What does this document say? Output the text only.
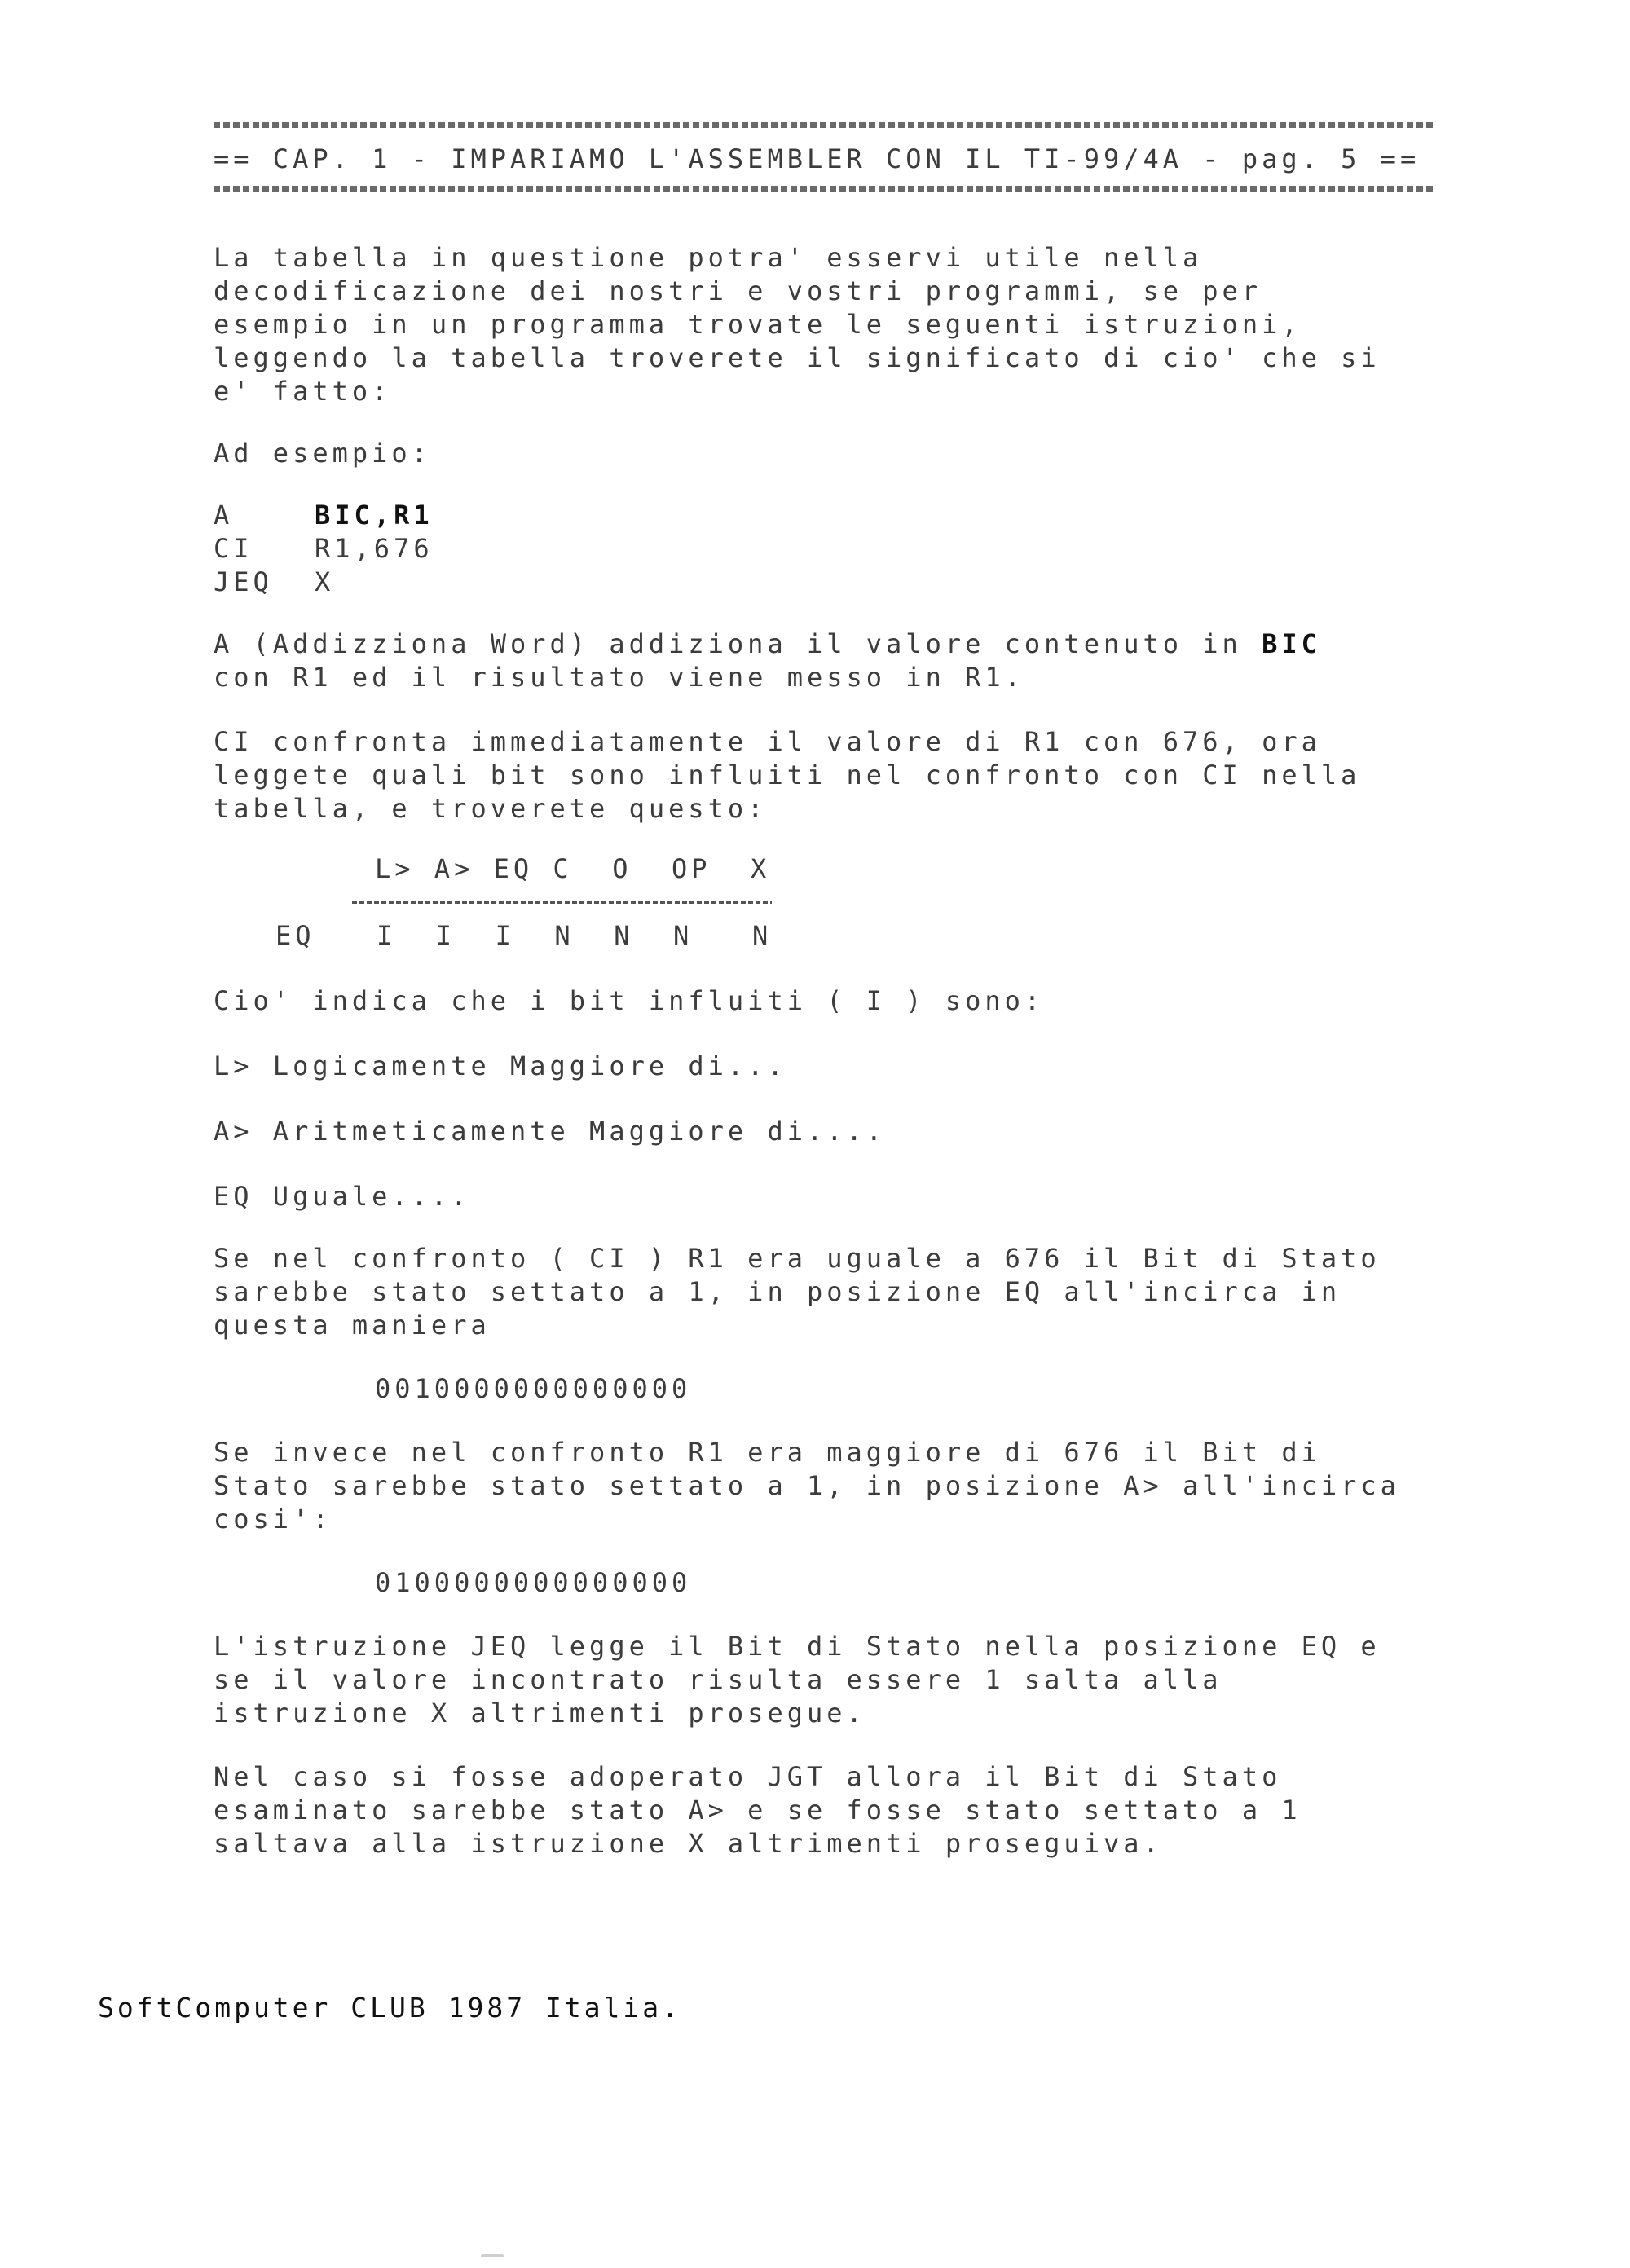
== CAP. 1 - IMPARIAMO L'ASSEMBLER CON IL TI-99/4A - pag. 5 ==
La tabella in questione potra' esservi utile nella
decodificazione dei nostri e vostri programmi, se per
esempio in un programma trovate le seguenti istruzioni,
leggendo la tabella troverete il significato di cio' che si
e' fatto:
Ad esempio:
A	BIC,R1
CI R1,676
JEQ X
A (Addizziona Word) addiziona il valore contenuto in BIC
con R1 ed il risultato viene messo in R1.
CI confronta immediatamente il valore di R1 con 676, ora
leggete quali bit sono influiti nel confronto con CI nella
tabella, e troverete questo:
L> A> EQ C  O  OP  X
EQ I  I  I  N  N  N   N
Cio' indica che i bit influiti ( I ) sono:
L> Logicamente Maggiore di...
A> Aritmeticamente Maggiore di....
EQ Uguale....
Se nel confronto ( CI ) R1 era uguale a 676 il Bit di Stato
sarebbe stato settato a 1, in posizione EQ all'incirca in
questa maniera
0010000000000000
Se invece nel confronto R1 era maggiore di 676 il Bit di
Stato sarebbe stato settato a 1, in posizione A> all'incirca
cosi':
0100000000000000
L'istruzione JEQ legge il Bit di Stato nella posizione EQ e
se il valore incontrato risulta essere 1 salta alla
istruzione X altrimenti prosegue.
Nel caso si fosse adoperato JGT allora il Bit di Stato
esaminato sarebbe stato A> e se fosse stato settato a 1
saltava alla istruzione X altrimenti proseguiva.
SoftComputer CLUB 1987 Italia.
